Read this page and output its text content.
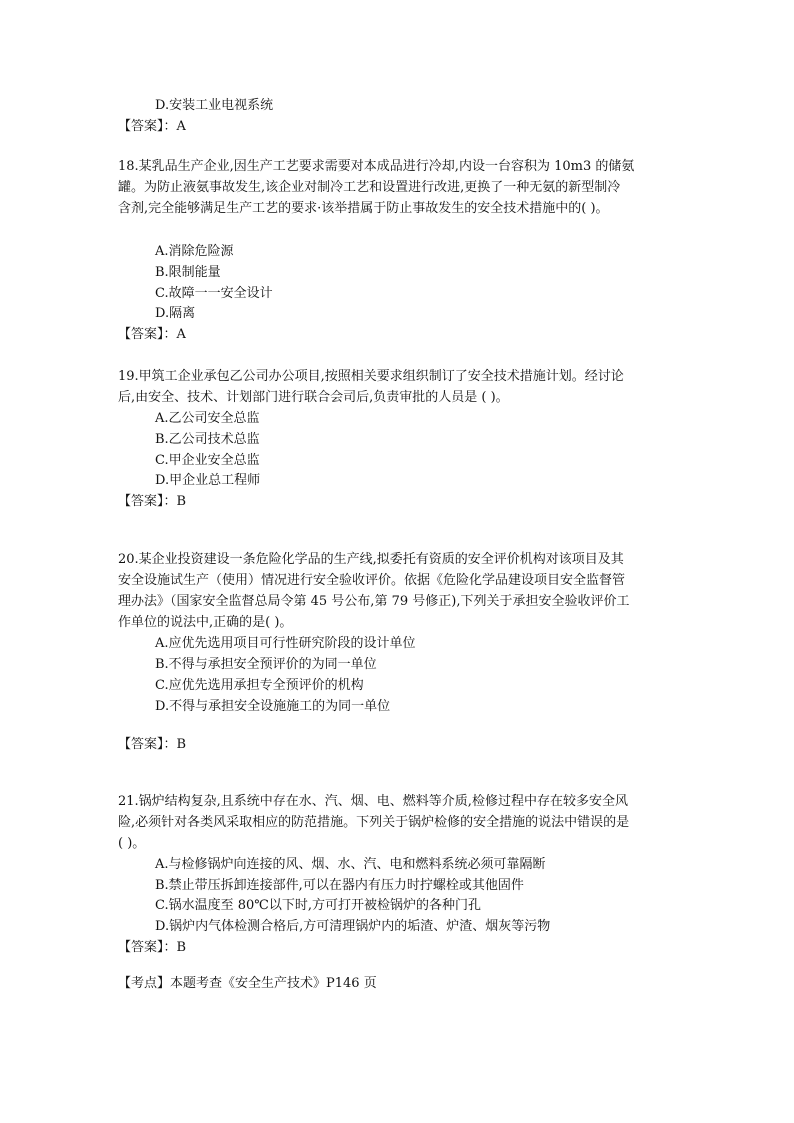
D.安装工业电视系统
【答案】：A
18.某乳品生产企业,因生产工艺要求需要对本成品进行冷却,内设一台容积为 10m3 的储氨
罐。为防止液氨事故发生,该企业对制冷工艺和设置进行改进,更换了一种无氨的新型制冷
含剂,完全能够满足生产工艺的要求·该举措属于防止事故发生的安全技术措施中的( )。
A.消除危险源
B.限制能量
C.故障一一安全设计
D.隔离
【答案】：A
19.甲筑工企业承包乙公司办公项目,按照相关要求组织制订了安全技术措施计划。经讨论
后,由安全、技术、计划部门进行联合会司后,负责审批的人员是 ( )。
A.乙公司安全总监
B.乙公司技术总监
C.甲企业安全总监
D.甲企业总工程师
【答案】：B
20.某企业投资建设一条危险化学品的生产线,拟委托有资质的安全评价机构对该项目及其
安全设施试生产（使用）情况进行安全验收评价。依据《危险化学品建设项目安全监督管
理办法》（国家安全监督总局令第 45 号公布,第 79 号修正),下列关于承担安全验收评价工
作单位的说法中,正确的是( )。
A.应优先选用项目可行性研究阶段的设计单位
B.不得与承担安全预评价的为同一单位
C.应优先选用承担专全预评价的机构
D.不得与承担安全设施施工的为同一单位
【答案】：B
21.锅炉结构复杂,且系统中存在水、汽、烟、电、燃料等介质,检修过程中存在较多安全风
险,必须针对各类风采取相应的防范措施。下列关于锅炉检修的安全措施的说法中错误的是
( )。
A.与检修锅炉向连接的风、烟、水、汽、电和燃料系统必须可靠隔断
B.禁止带压拆卸连接部件,可以在器内有压力时拧螺栓或其他固件
C.锅水温度至 80℃以下时,方可打开被检锅炉的各种门孔
D.锅炉内气体检测合格后,方可清理锅炉内的垢渣、炉渣、烟灰等污物
【答案】：B
【考点】本题考查《安全生产技术》P146 页
